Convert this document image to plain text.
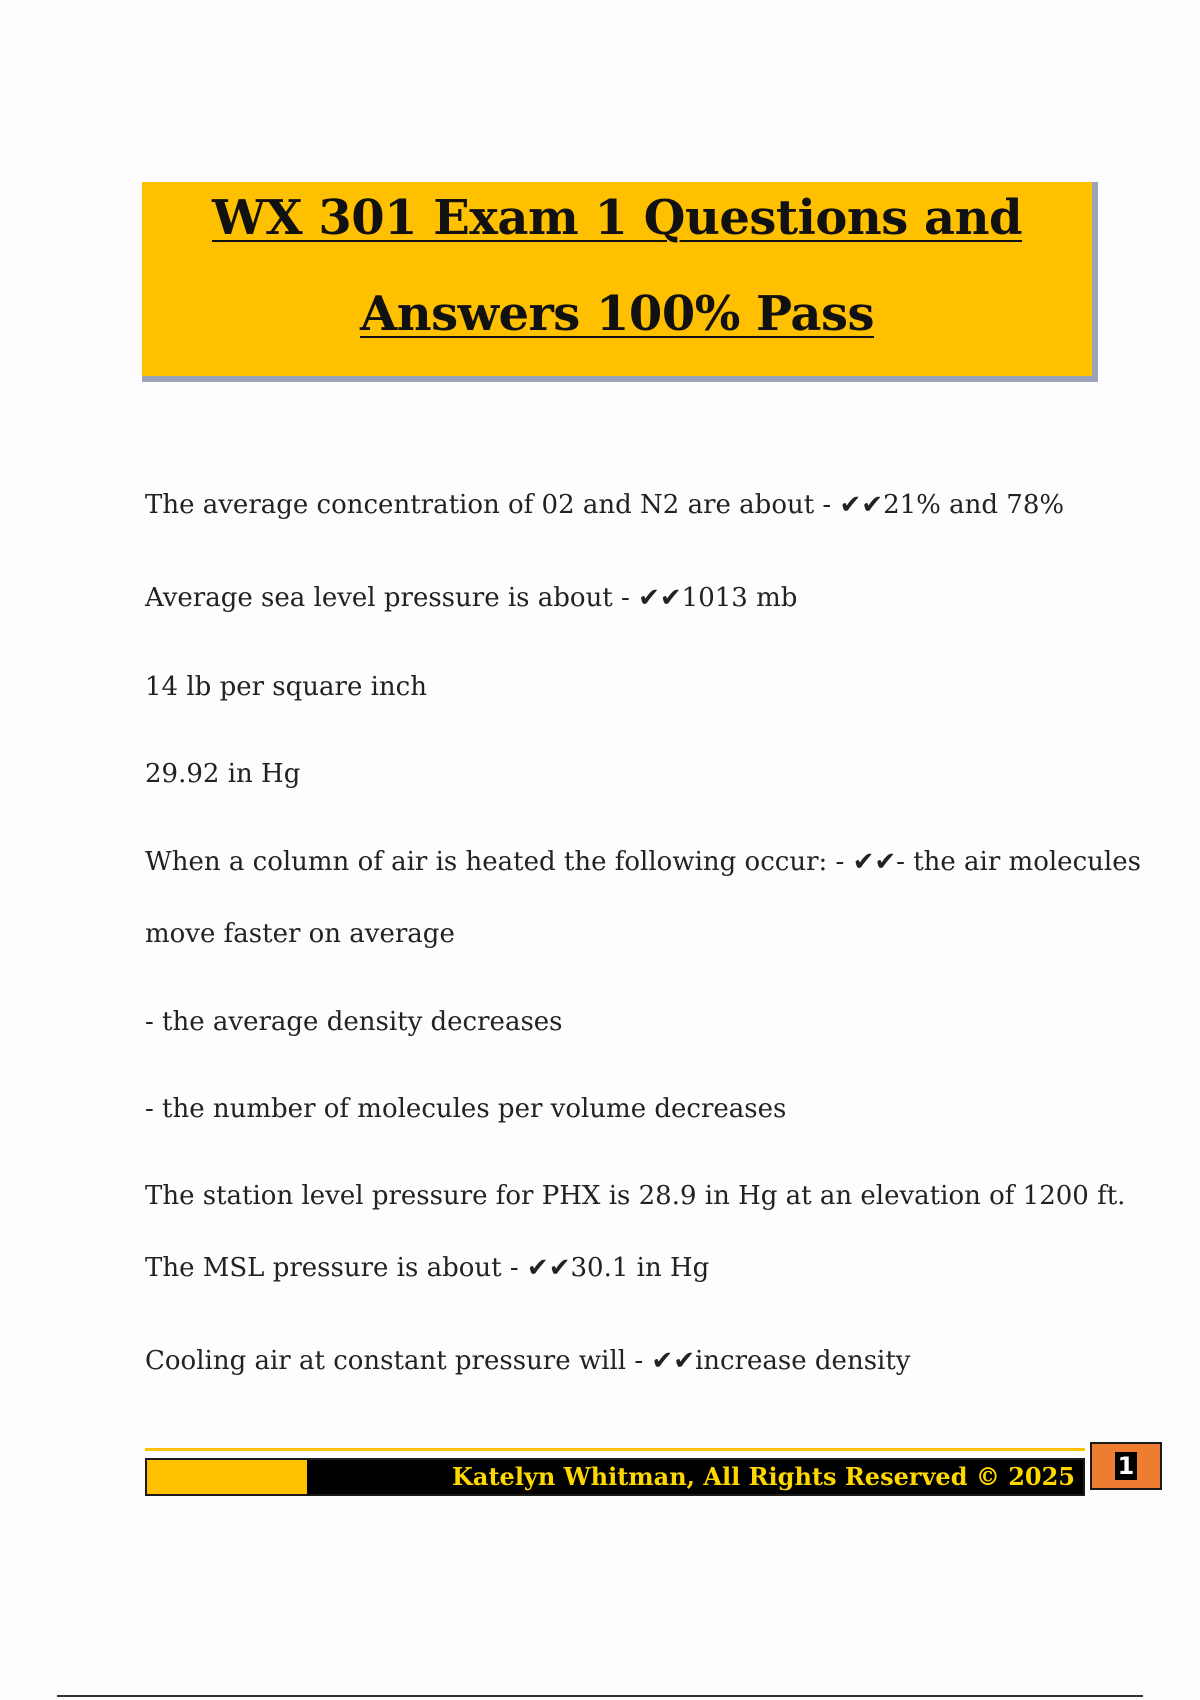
WX 301 Exam 1 Questions and
Answers 100% Pass
The average concentration of 02 and N2 are about - ✔✔21% and 78%
Average sea level pressure is about - ✔✔1013 mb
14 lb per square inch
29.92 in Hg
When a column of air is heated the following occur: - ✔✔- the air molecules
move faster on average
- the average density decreases
- the number of molecules per volume decreases
The station level pressure for PHX is 28.9 in Hg at an elevation of 1200 ft.
The MSL pressure is about - ✔✔30.1 in Hg
Cooling air at constant pressure will - ✔✔increase density
Katelyn Whitman, All Rights Reserved © 2025	1
